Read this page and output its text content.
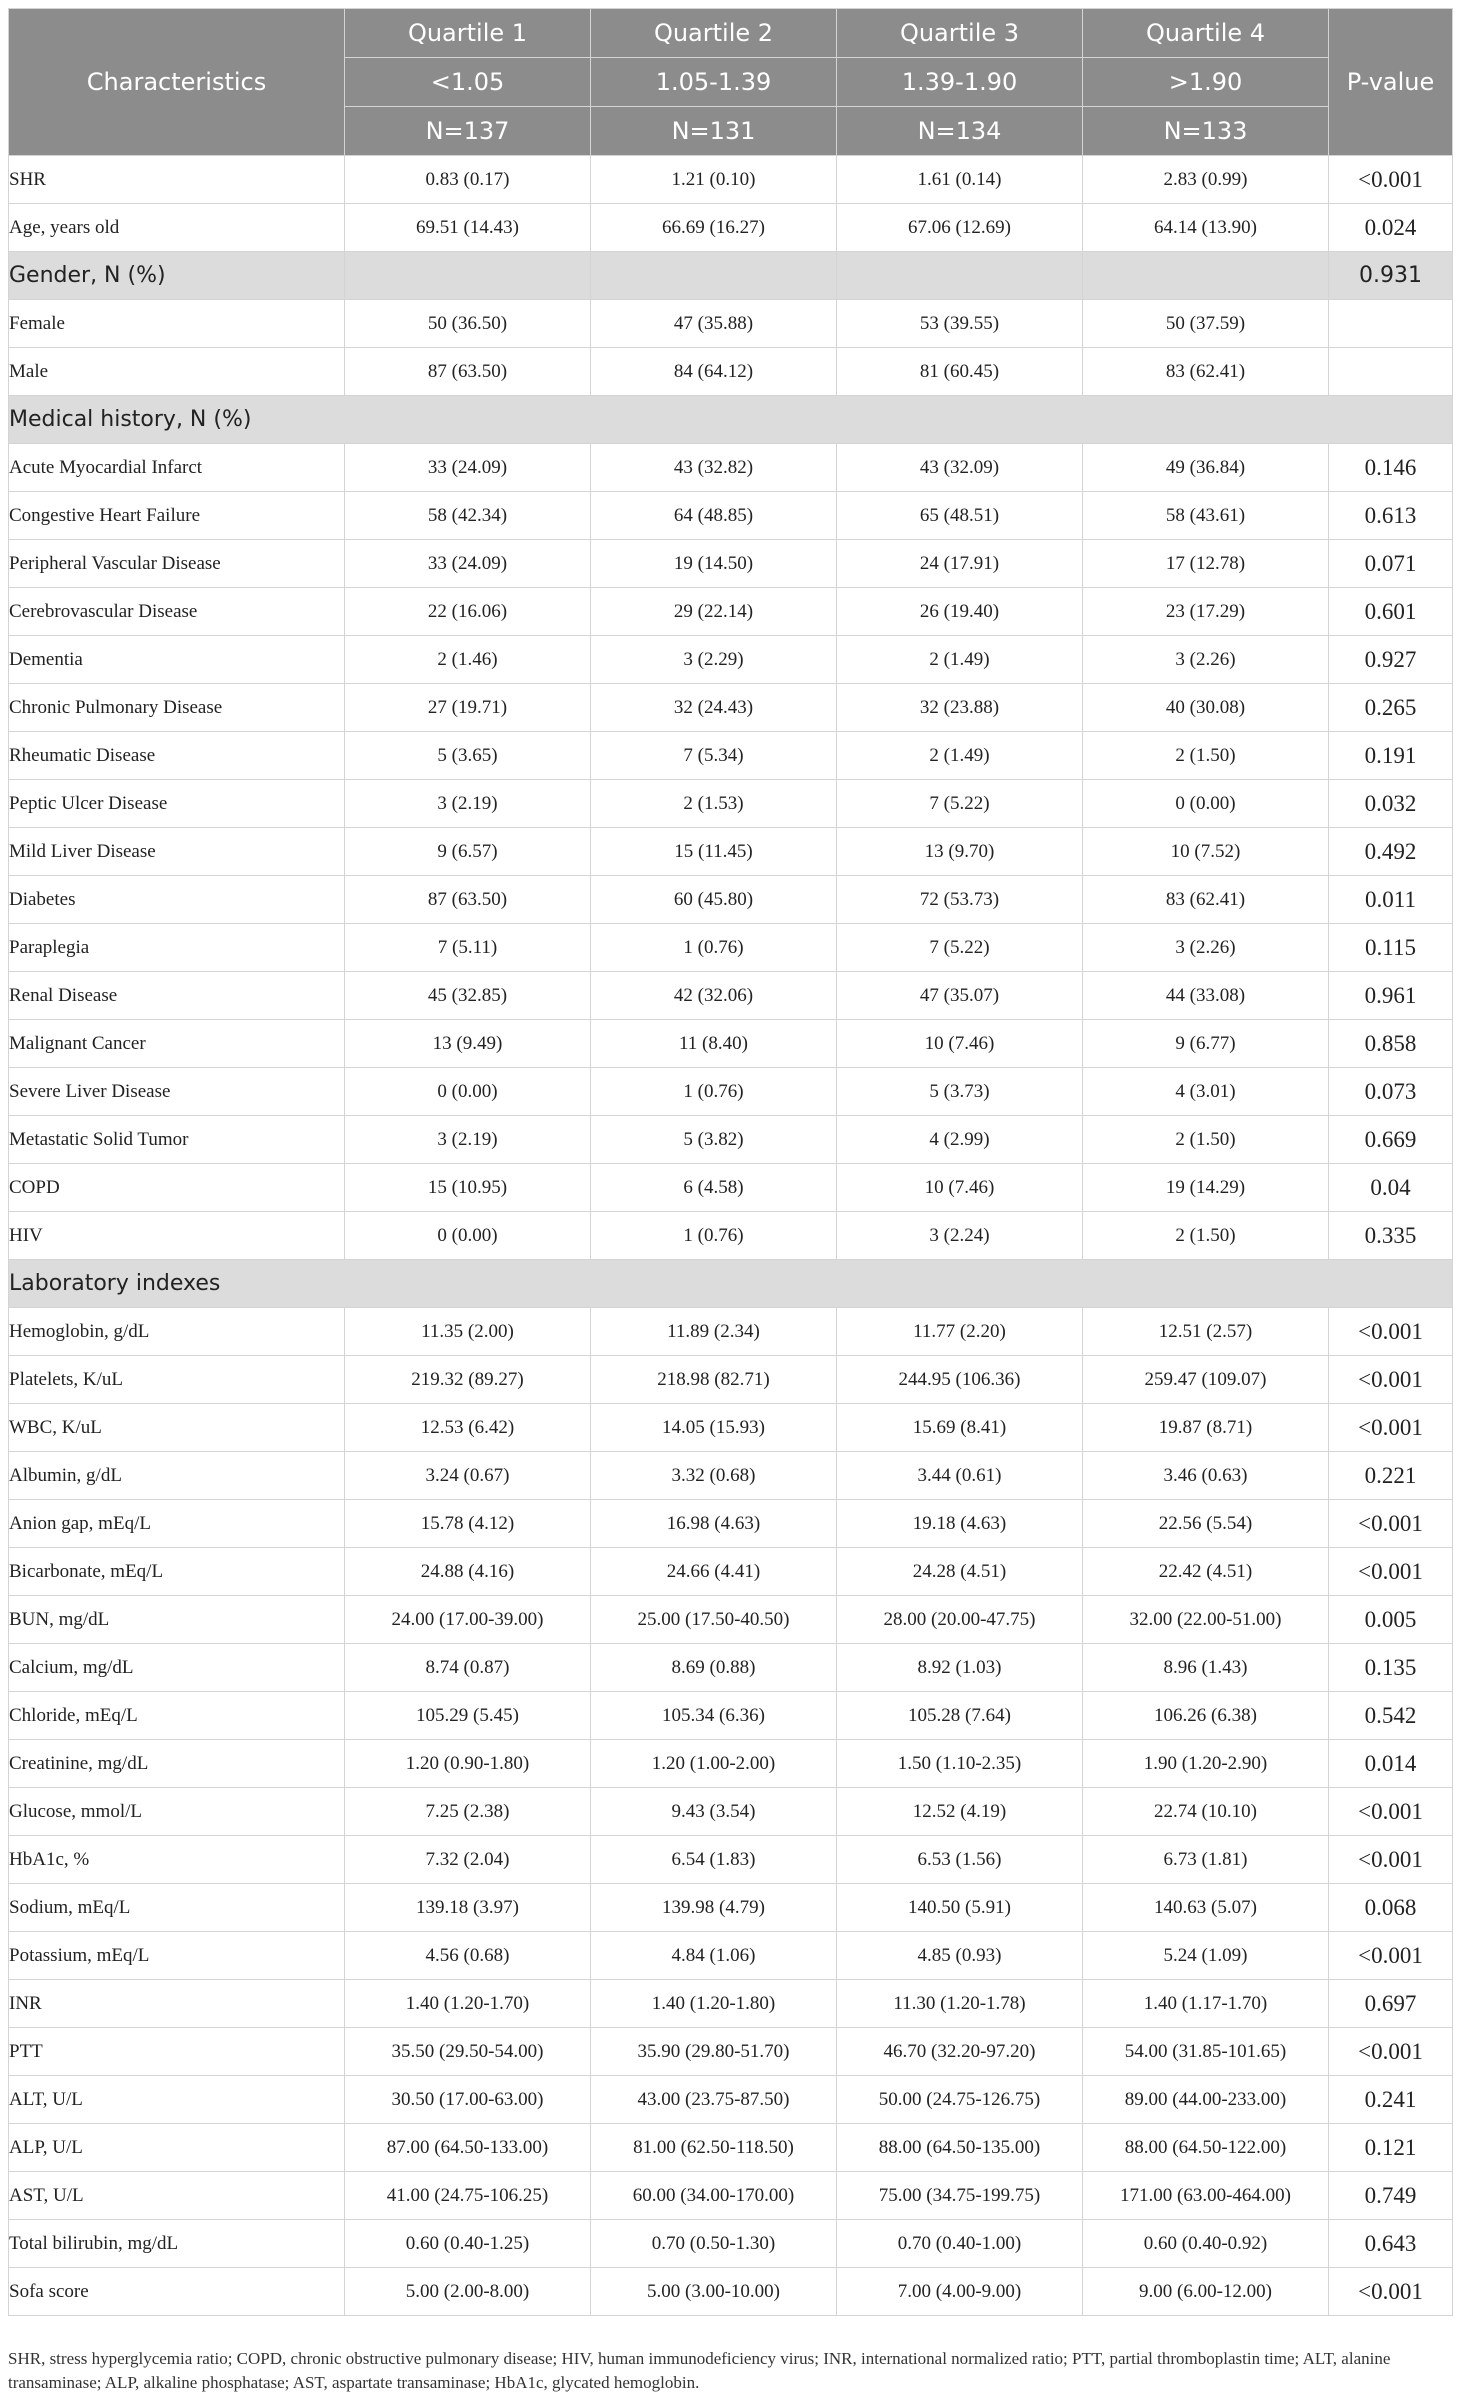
Characteristics	Quartile 1	Quartile 2	Quartile 3	Quartile 4	P-value
	<1.05	1.05-1.39	1.39-1.90	>1.90	
	N=137	N=131	N=134	N=133	
SHR	0.83 (0.17)	1.21 (0.10)	1.61 (0.14)	2.83 (0.99)	<0.001
Age, years old	69.51 (14.43)	66.69 (16.27)	67.06 (12.69)	64.14 (13.90)	0.024
Gender, N (%)					0.931
Female	50 (36.50)	47 (35.88)	53 (39.55)	50 (37.59)	
Male	87 (63.50)	84 (64.12)	81 (60.45)	83 (62.41)	
Medical history, N (%)					
Acute Myocardial Infarct	33 (24.09)	43 (32.82)	43 (32.09)	49 (36.84)	0.146
Congestive Heart Failure	58 (42.34)	64 (48.85)	65 (48.51)	58 (43.61)	0.613
Peripheral Vascular Disease	33 (24.09)	19 (14.50)	24 (17.91)	17 (12.78)	0.071
Cerebrovascular Disease	22 (16.06)	29 (22.14)	26 (19.40)	23 (17.29)	0.601
Dementia	2 (1.46)	3 (2.29)	2 (1.49)	3 (2.26)	0.927
Chronic Pulmonary Disease	27 (19.71)	32 (24.43)	32 (23.88)	40 (30.08)	0.265
Rheumatic Disease	5 (3.65)	7 (5.34)	2 (1.49)	2 (1.50)	0.191
Peptic Ulcer Disease	3 (2.19)	2 (1.53)	7 (5.22)	0 (0.00)	0.032
Mild Liver Disease	9 (6.57)	15 (11.45)	13 (9.70)	10 (7.52)	0.492
Diabetes	87 (63.50)	60 (45.80)	72 (53.73)	83 (62.41)	0.011
Paraplegia	7 (5.11)	1 (0.76)	7 (5.22)	3 (2.26)	0.115
Renal Disease	45 (32.85)	42 (32.06)	47 (35.07)	44 (33.08)	0.961
Malignant Cancer	13 (9.49)	11 (8.40)	10 (7.46)	9 (6.77)	0.858
Severe Liver Disease	0 (0.00)	1 (0.76)	5 (3.73)	4 (3.01)	0.073
Metastatic Solid Tumor	3 (2.19)	5 (3.82)	4 (2.99)	2 (1.50)	0.669
COPD	15 (10.95)	6 (4.58)	10 (7.46)	19 (14.29)	0.04
HIV	0 (0.00)	1 (0.76)	3 (2.24)	2 (1.50)	0.335
Laboratory indexes					
Hemoglobin, g/dL	11.35 (2.00)	11.89 (2.34)	11.77 (2.20)	12.51 (2.57)	<0.001
Platelets, K/uL	219.32 (89.27)	218.98 (82.71)	244.95 (106.36)	259.47 (109.07)	<0.001
WBC, K/uL	12.53 (6.42)	14.05 (15.93)	15.69 (8.41)	19.87 (8.71)	<0.001
Albumin, g/dL	3.24 (0.67)	3.32 (0.68)	3.44 (0.61)	3.46 (0.63)	0.221
Anion gap, mEq/L	15.78 (4.12)	16.98 (4.63)	19.18 (4.63)	22.56 (5.54)	<0.001
Bicarbonate, mEq/L	24.88 (4.16)	24.66 (4.41)	24.28 (4.51)	22.42 (4.51)	<0.001
BUN, mg/dL	24.00 (17.00-39.00)	25.00 (17.50-40.50)	28.00 (20.00-47.75)	32.00 (22.00-51.00)	0.005
Calcium, mg/dL	8.74 (0.87)	8.69 (0.88)	8.92 (1.03)	8.96 (1.43)	0.135
Chloride, mEq/L	105.29 (5.45)	105.34 (6.36)	105.28 (7.64)	106.26 (6.38)	0.542
Creatinine, mg/dL	1.20 (0.90-1.80)	1.20 (1.00-2.00)	1.50 (1.10-2.35)	1.90 (1.20-2.90)	0.014
Glucose, mmol/L	7.25 (2.38)	9.43 (3.54)	12.52 (4.19)	22.74 (10.10)	<0.001
HbA1c, %	7.32 (2.04)	6.54 (1.83)	6.53 (1.56)	6.73 (1.81)	<0.001
Sodium, mEq/L	139.18 (3.97)	139.98 (4.79)	140.50 (5.91)	140.63 (5.07)	0.068
Potassium, mEq/L	4.56 (0.68)	4.84 (1.06)	4.85 (0.93)	5.24 (1.09)	<0.001
INR	1.40 (1.20-1.70)	1.40 (1.20-1.80)	11.30 (1.20-1.78)	1.40 (1.17-1.70)	0.697
PTT	35.50 (29.50-54.00)	35.90 (29.80-51.70)	46.70 (32.20-97.20)	54.00 (31.85-101.65)	<0.001
ALT, U/L	30.50 (17.00-63.00)	43.00 (23.75-87.50)	50.00 (24.75-126.75)	89.00 (44.00-233.00)	0.241
ALP, U/L	87.00 (64.50-133.00)	81.00 (62.50-118.50)	88.00 (64.50-135.00)	88.00 (64.50-122.00)	0.121
AST, U/L	41.00 (24.75-106.25)	60.00 (34.00-170.00)	75.00 (34.75-199.75)	171.00 (63.00-464.00)	0.749
Total bilirubin, mg/dL	0.60 (0.40-1.25)	0.70 (0.50-1.30)	0.70 (0.40-1.00)	0.60 (0.40-0.92)	0.643
Sofa score	5.00 (2.00-8.00)	5.00 (3.00-10.00)	7.00 (4.00-9.00)	9.00 (6.00-12.00)	<0.001

SHR, stress hyperglycemia ratio; COPD, chronic obstructive pulmonary disease; HIV, human immunodeficiency virus; INR, international normalized ratio; PTT, partial thromboplastin time; ALT, alanine transaminase; ALP, alkaline phosphatase; AST, aspartate transaminase; HbA1c, glycated hemoglobin.
